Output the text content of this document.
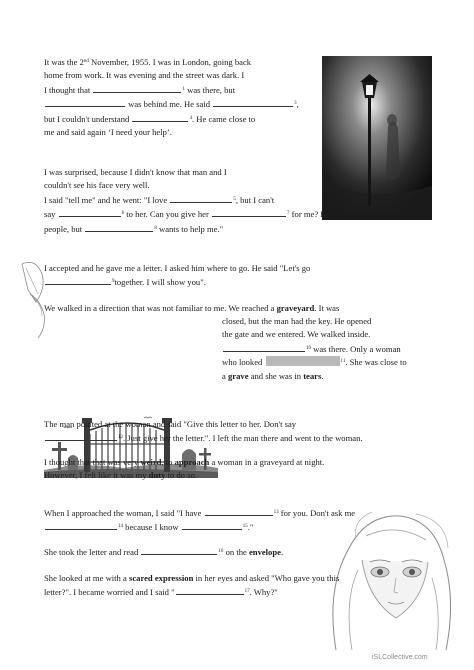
It was the 2nd November, 1955. I was in London, going back
home from work. It was evening and the street was dark. I
I thought that	$^1$ was there, but
was behind me. He said	$^3$,
but I couldn't understand	$^4$. He came close to
me and said again ‘I need your help’.

I was surprised, because I didn't know that man and I
couldn't see his face very well.
I said "tell me" and he went: "I love	$^5$, but I can't
say	$^6$ to her. Can you give her	$^7$ for me? I asked many
people, but	$^8$ wants to help me."

I accepted and he gave me a letter. I asked him where to go. He said "Let's go
$^9$together. I will show you".

We walked in a direction that was not familiar to me. We reached a graveyard. It was

closed, but the man had the key. He opened
the gate and we entered. We walked inside.
$^{10}$ was there. Only a woman
who looked	$^{11}$. She was close to
a grave and she was in tears.

The man pointed at the woman and said "Give this letter to her. Don't say
$^{12}$. Just give her the letter.". I left the man there and went to the woman.

I thought that that was very weird, to approach a woman in a graveyard at night.
However, I felt like it was my duty to do so.

When I approached the woman, I said "I have	$^{13}$ for you. Don't ask me
$^{14}$ because I know	$^{15}$."

She took the letter and read	$^{16}$ on the envelope.

She looked at me with a scared expression in her eyes and asked "Who gave you this
letter?". I became worried and I said "	$^{17}$. Why?"

iSLCollective.com
